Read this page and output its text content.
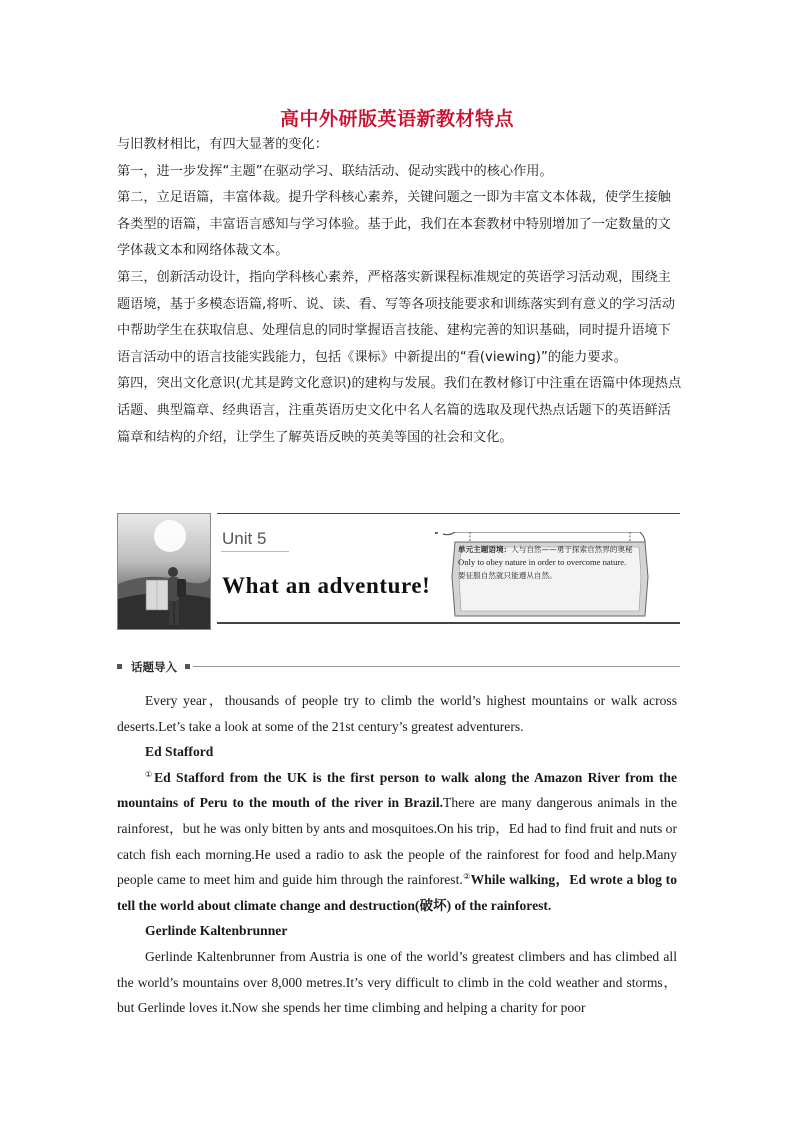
高中外研版英语新教材特点

与旧教材相比，有四大显著的变化：

第一，进一步发挥“主题”在驱动学习、联结活动、促动实践中的核心作用。

第二，立足语篇，丰富体裁。提升学科核心素养，关键问题之一即为丰富文本体裁，使学生接触各类型的语篇，丰富语言感知与学习体验。基于此，我们在本套教材中特别增加了一定数量的文学体裁文本和网络体裁文本。

第三，创新活动设计，指向学科核心素养，严格落实新课程标准规定的英语学习活动观，围绕主题语境，基于多模态语篇,将听、说、读、看、写等各项技能要求和训练落实到有意义的学习活动中帮助学生在获取信息、处理信息的同时掌握语言技能、建构完善的知识基础，同时提升语境下语言活动中的语言技能实践能力，包括《课标》中新提出的“看(viewing)”的能力要求。

第四，突出文化意识(尤其是跨文化意识)的建构与发展。我们在教材修订中注重在语篇中体现热点话题、典型篇章、经典语言，注重英语历史文化中名人名篇的选取及现代热点话题下的英语鲜活篇章和结构的介绍，让学生了解英语反映的英美等国的社会和文化。

Unit 5
What an adventure!
单元主题语境：人与自然——勇于探索自然界的奥秘
Only to obey nature in order to overcome nature.
要征服自然就只能遵从自然。
话题导入

Every year，thousands of people try to climb the world’s highest mountains or walk across deserts.Let’s take a look at some of the 21st century’s greatest adventurers.

Ed Stafford

①Ed Stafford from the UK is the first person to walk along the Amazon River from the mountains of Peru to the mouth of the river in Brazil.There are many dangerous animals in the rainforest，but he was only bitten by ants and mosquitoes.On his trip，Ed had to find fruit and nuts or catch fish each morning.He used a radio to ask the people of the rainforest for food and help.Many people came to meet him and guide him through the rainforest.②While walking，Ed wrote a blog to tell the world about climate change and destruction(破坏) of the rainforest.

Gerlinde Kaltenbrunner

Gerlinde Kaltenbrunner from Austria is one of the world’s greatest climbers and has climbed all the world’s mountains over 8,000 metres.It’s very difficult to climb in the cold weather and storms，but Gerlinde loves it.Now she spends her time climbing and helping a charity for poor
